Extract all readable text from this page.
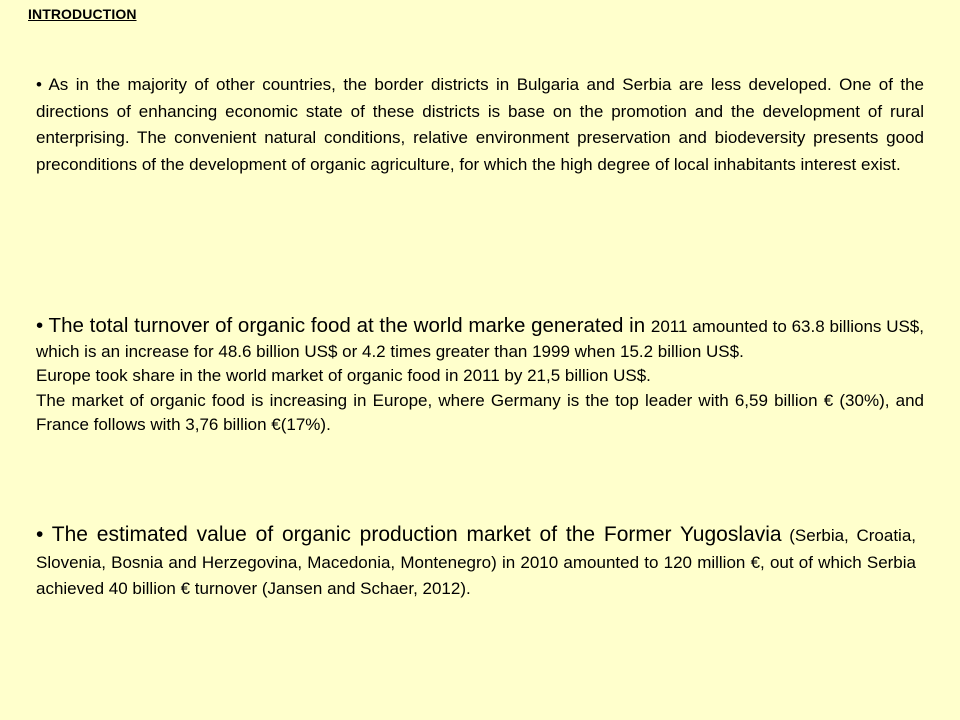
INTRODUCTION
• As in the majority of other countries, the border districts in Bulgaria and Serbia are less developed. One of the directions of enhancing economic state of these districts is base on the promotion and the development of rural enterprising. The convenient natural conditions, relative environment preservation and biodeversity presents good preconditions of the development of organic agriculture, for which the high degree of local inhabitants interest exist.
• The total turnover of organic food at the world marke generated in 2011 amounted to 63.8 billions US$, which is an increase for 48.6 billion US$ or 4.2 times greater than 1999 when 15.2 billion US$.
Europe took share in the world market of organic food in 2011 by 21,5 billion US$.
The market of organic food is increasing in Europe, where Germany is the top leader with 6,59 billion € (30%), and France follows with 3,76 billion €(17%).
• The estimated value of organic production market of the Former Yugoslavia (Serbia, Croatia, Slovenia, Bosnia and Herzegovina, Macedonia, Montenegro) in 2010 amounted to 120 million €, out of which Serbia achieved 40 billion € turnover (Jansen and Schaer, 2012).
